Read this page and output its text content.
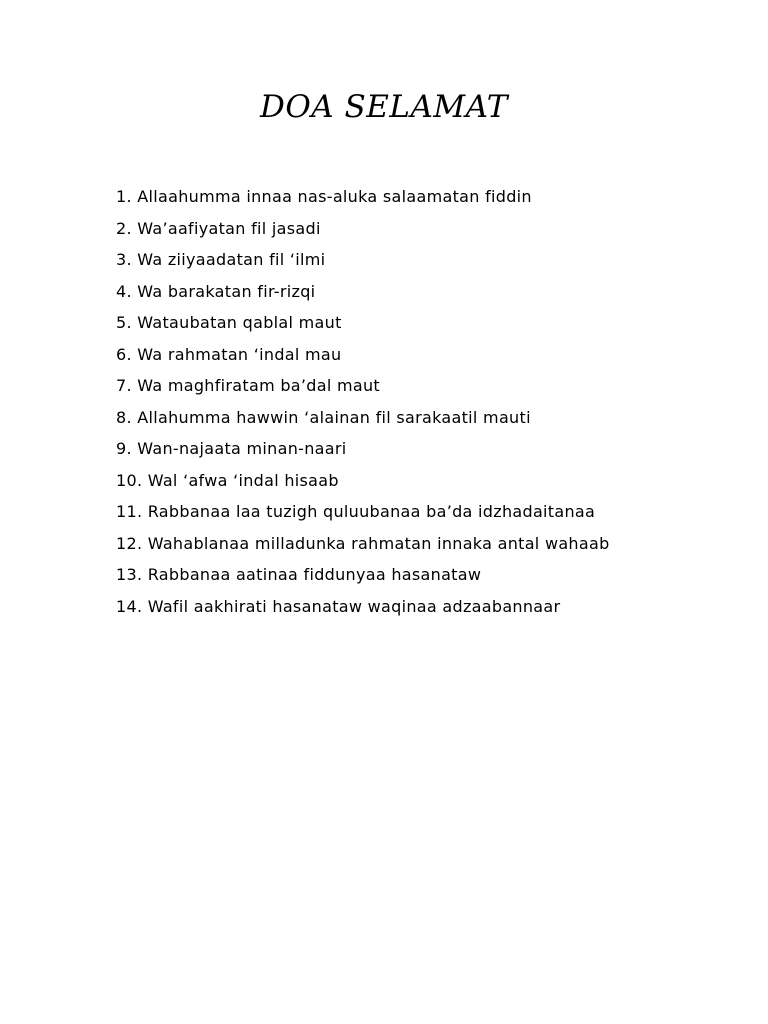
DOA SELAMAT
1. Allaahumma innaa nas-aluka salaamatan fiddin
2. Wa’aafiyatan fil jasadi
3. Wa ziiyaadatan fil ‘ilmi
4. Wa barakatan fir-rizqi
5. Wataubatan qablal maut
6. Wa rahmatan ‘indal mau
7. Wa maghfiratam ba’dal maut
8. Allahumma hawwin ‘alainan fil sarakaatil mauti
9. Wan-najaata minan-naari
10. Wal ‘afwa ‘indal hisaab
11. Rabbanaa laa tuzigh quluubanaa ba’da idzhadaitanaa
12. Wahablanaa milladunka rahmatan innaka antal wahaab
13. Rabbanaa aatinaa fiddunyaa hasanataw
14. Wafil aakhirati hasanataw waqinaa adzaabannaar
